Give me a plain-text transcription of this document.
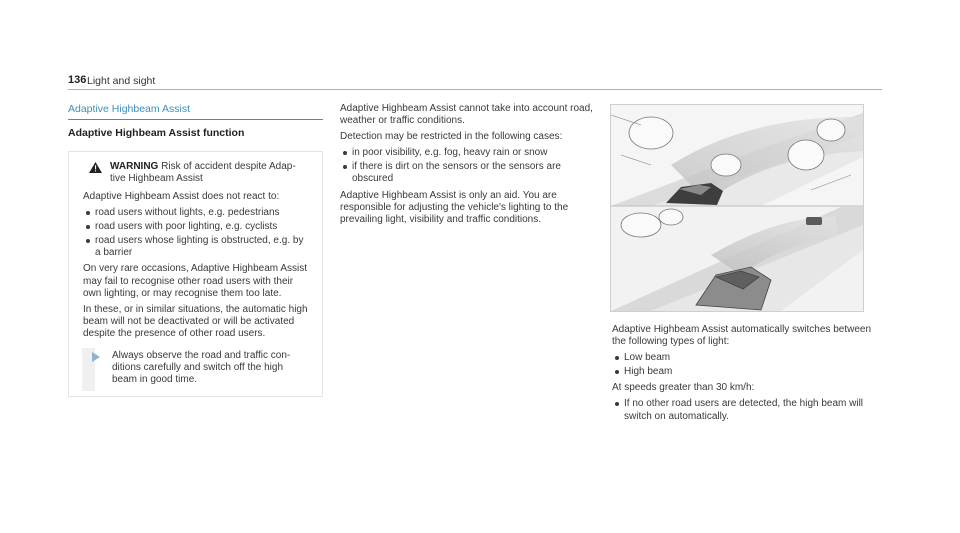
136 Light and sight
Adaptive Highbeam Assist
Adaptive Highbeam Assist function
WARNING Risk of accident despite Adap-tive Highbeam Assist

Adaptive Highbeam Assist does not react to:

road users without lights, e.g. pedestrians
road users with poor lighting, e.g. cyclists
road users whose lighting is obstructed, e.g. by a barrier

On very rare occasions, Adaptive Highbeam Assist may fail to recognise other road users with their own lighting, or may recognise them too late.

In these, or in similar situations, the automatic high beam will not be deactivated or will be activated despite the presence of other road users.

Always observe the road and traffic con-ditions carefully and switch off the high beam in good time.

Adaptive Highbeam Assist cannot take into account road, weather or traffic conditions.

Detection may be restricted in the following cases:

in poor visibility, e.g. fog, heavy rain or snow
if there is dirt on the sensors or the sensors are obscured

Adaptive Highbeam Assist is only an aid. You are responsible for adjusting the vehicle's lighting to the prevailing light, visibility and traffic conditions.

Adaptive Highbeam Assist automatically switches between the following types of light:

Low beam
High beam

At speeds greater than 30 km/h:

If no other road users are detected, the high beam will switch on automatically.
